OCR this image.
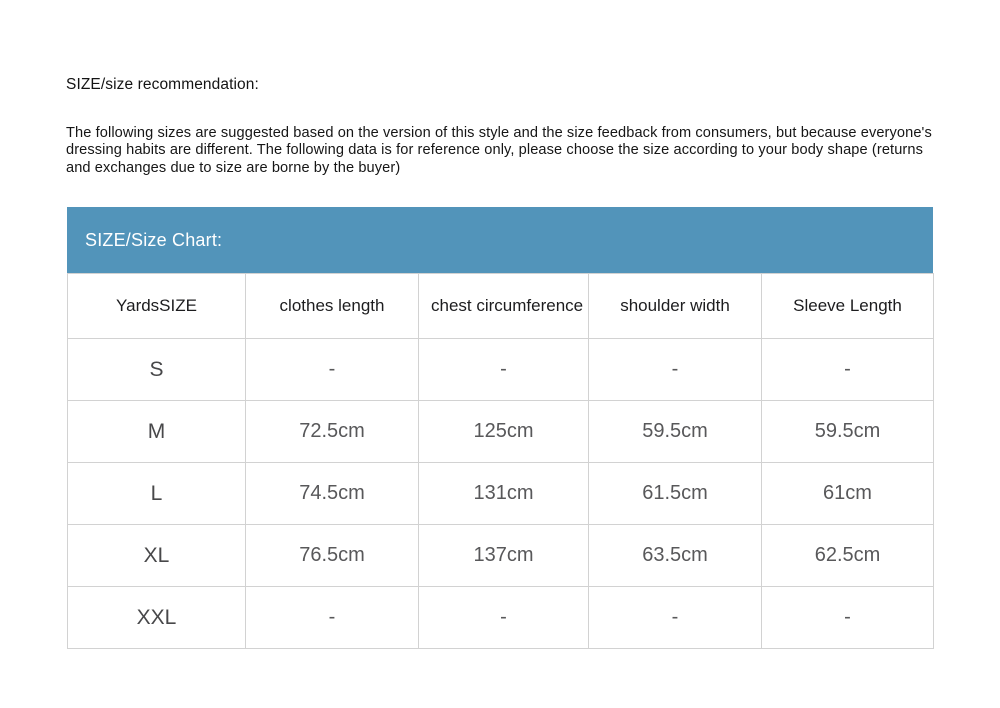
SIZE/size recommendation:
The following sizes are suggested based on the version of this style and the size feedback from consumers, but because everyone's dressing habits are different. The following data is for reference only, please choose the size according to your body shape (returns and exchanges due to size are borne by the buyer)
SIZE/Size Chart:
YardsSIZE	clothes length	chest circumference	shoulder width	Sleeve Length
S	-	-	-	-
M	72.5cm	125cm	59.5cm	59.5cm
L	74.5cm	131cm	61.5cm	61cm
XL	76.5cm	137cm	63.5cm	62.5cm
XXL	-	-	-	-
